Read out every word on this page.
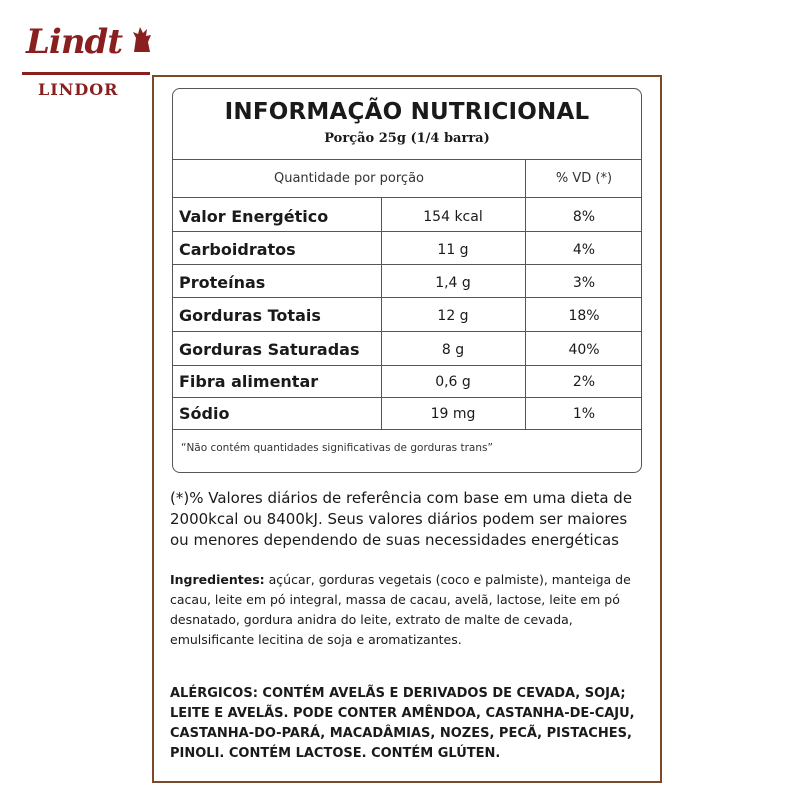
Lindt
LINDOR
INFORMAÇÃO NUTRICIONAL
Porção 25g (1/4 barra)
Quantidade por porção	% VD (*)
Valor Energético	154 kcal	8%
Carboidratos	11 g	4%
Proteínas	1,4 g	3%
Gorduras Totais	12 g	18%
Gorduras Saturadas	8 g	40%
Fibra alimentar	0,6 g	2%
Sódio	19 mg	1%
“Não contém quantidades significativas de gorduras trans”
(*)% Valores diários de referência com base em uma dieta de 2000kcal ou 8400kJ. Seus valores diários podem ser maiores ou menores dependendo de suas necessidades energéticas
Ingredientes: açúcar, gorduras vegetais (coco e palmiste), manteiga de cacau, leite em pó integral, massa de cacau, avelã, lactose, leite em pó desnatado, gordura anidra do leite, extrato de malte de cevada, emulsificante lecitina de soja e aromatizantes.
ALÉRGICOS: CONTÉM AVELÃS E DERIVADOS DE CEVADA, SOJA; LEITE E AVELÃS. PODE CONTER AMÊNDOA, CASTANHA-DE-CAJU, CASTANHA-DO-PARÁ, MACADÂMIAS, NOZES, PECÃ, PISTACHES, PINOLI. CONTÉM LACTOSE. CONTÉM GLÚTEN.
